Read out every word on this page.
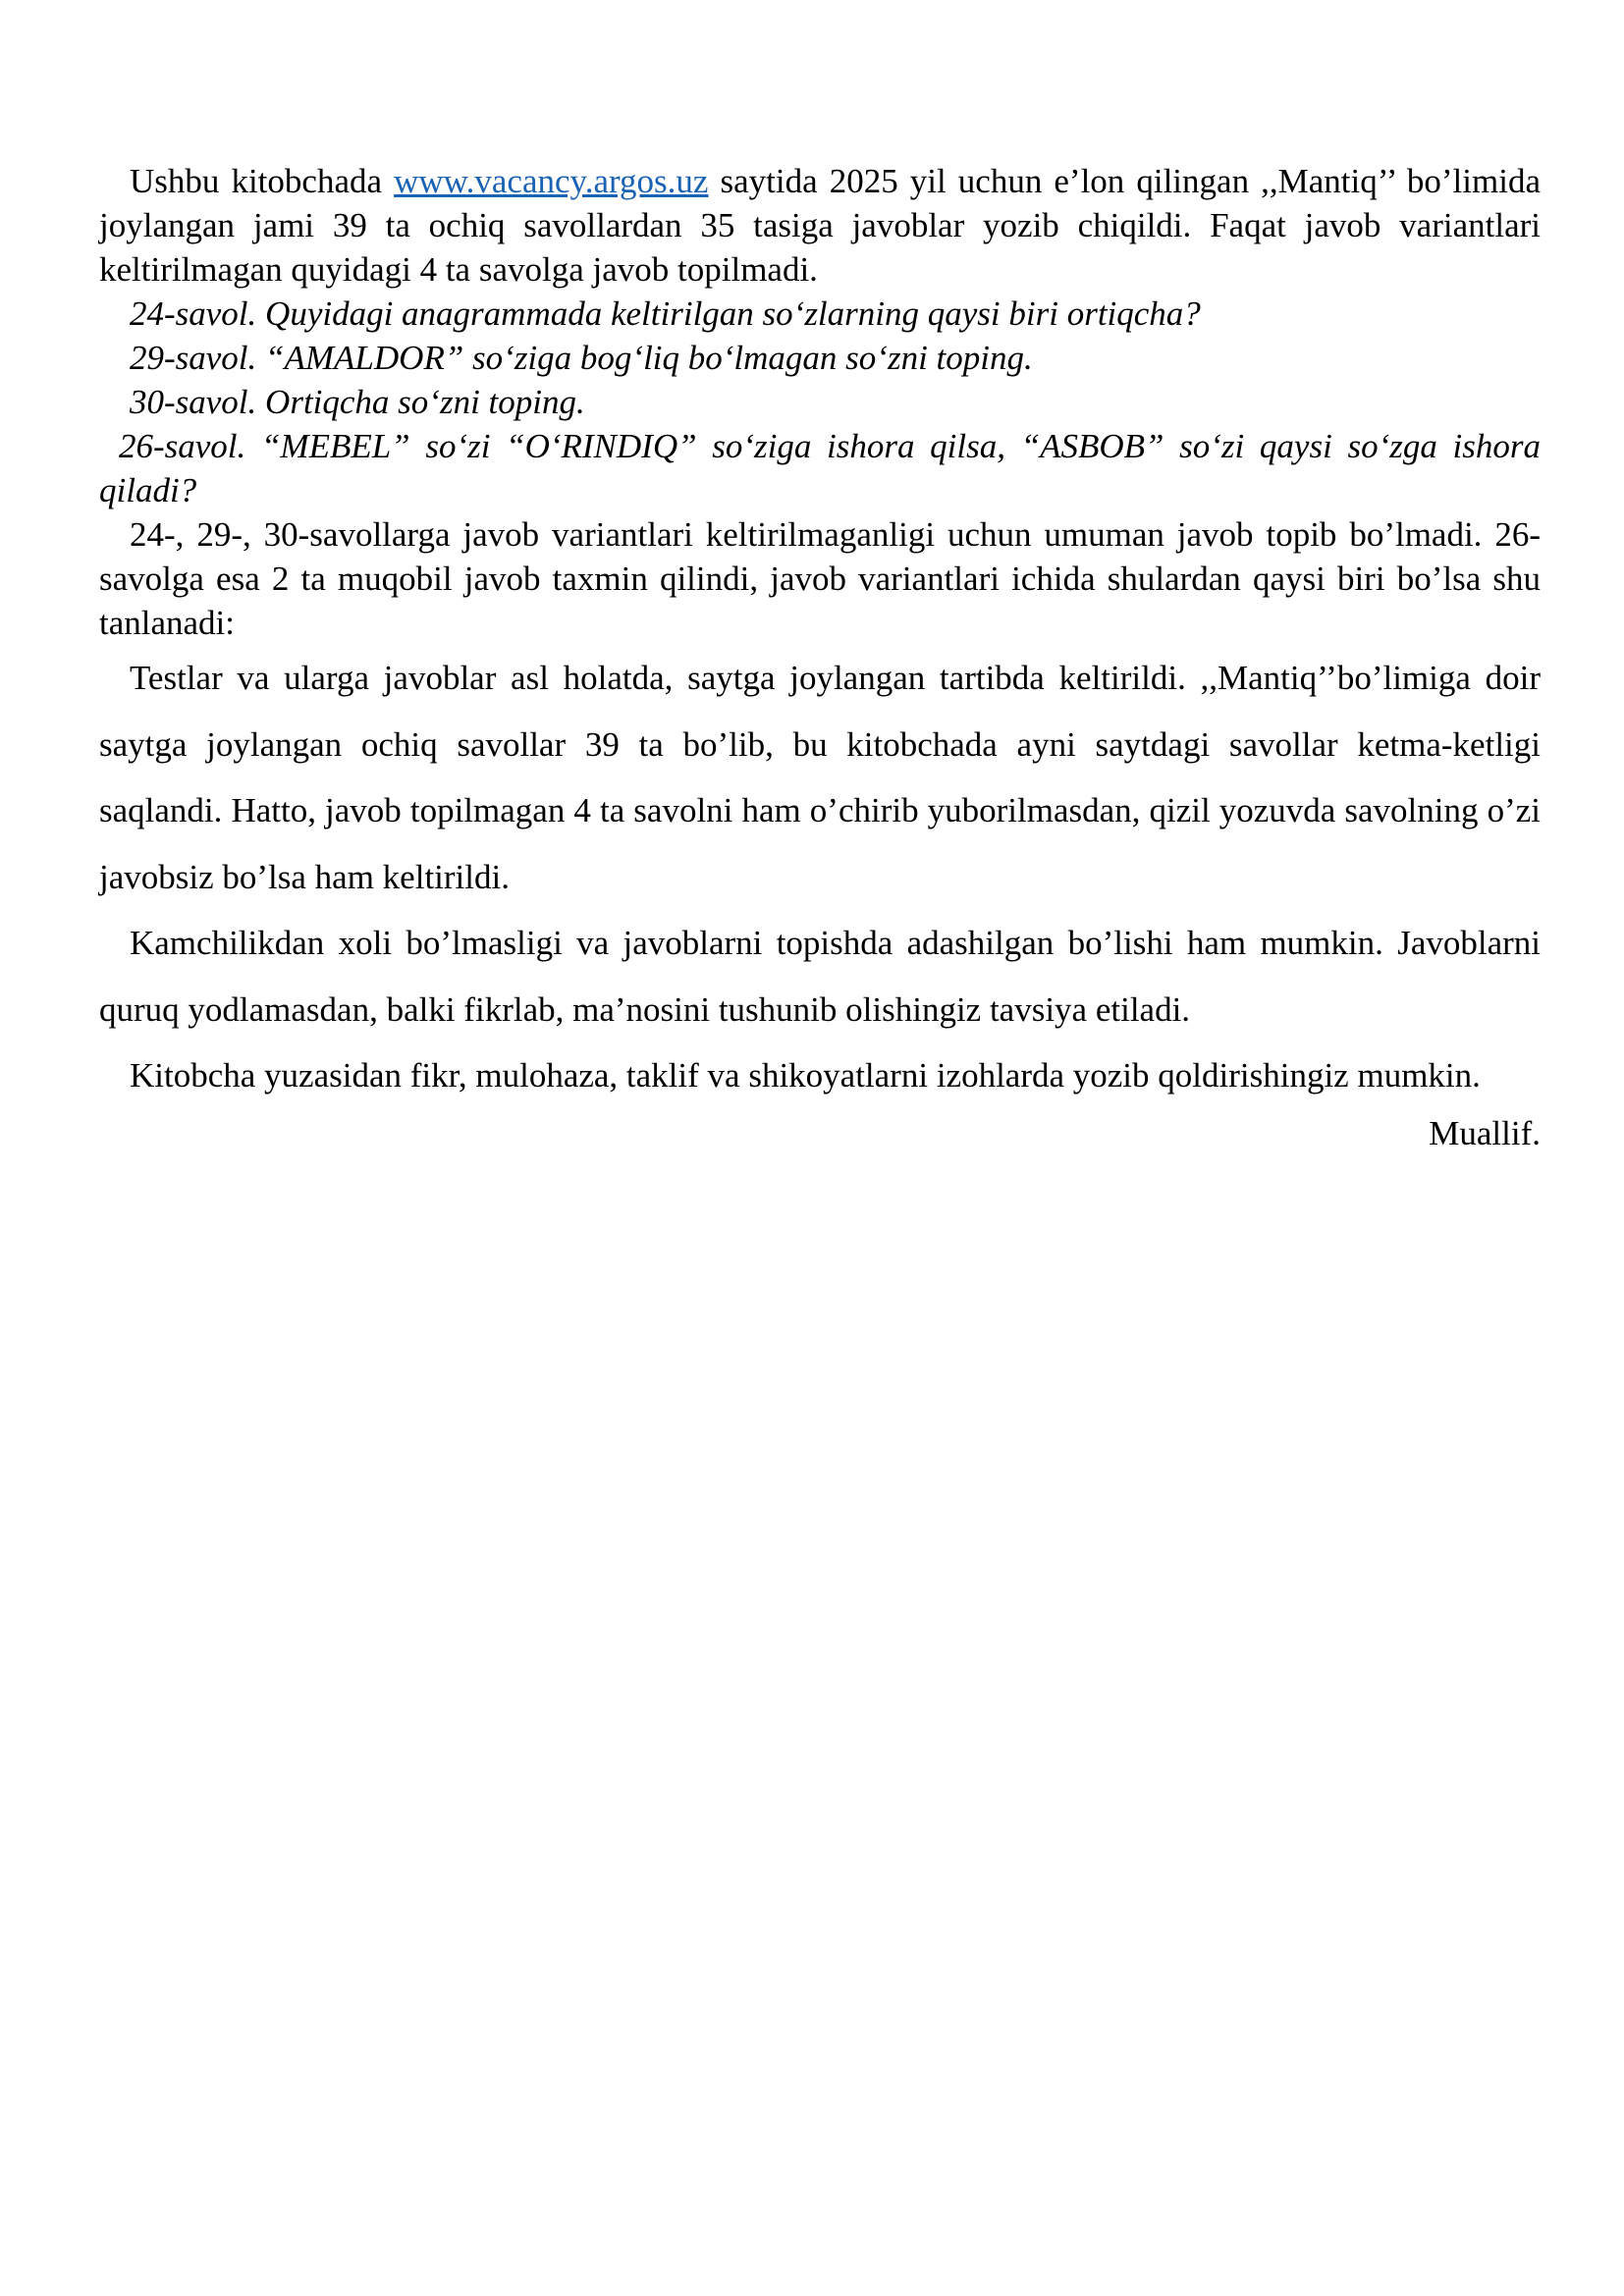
Ushbu kitobchada www.vacancy.argos.uz saytida 2025 yil uchun e’lon qilingan ,,Mantiq’’ bo’limida joylangan jami 39 ta ochiq savollardan 35 tasiga javoblar yozib chiqildi. Faqat javob variantlari keltirilmagan quyidagi 4 ta savolga javob topilmadi.

24-savol. Quyidagi anagrammada keltirilgan so‘zlarning qaysi biri ortiqcha?

29-savol. “AMALDOR” so‘ziga bog‘liq bo‘lmagan so‘zni toping.

30-savol. Ortiqcha so‘zni toping.

26-savol. “MEBEL” so‘zi “O‘RINDIQ” so‘ziga ishora qilsa, “ASBOB” so‘zi qaysi so‘zga ishora qiladi?

24-, 29-, 30-savollarga javob variantlari keltirilmaganligi uchun umuman javob topib bo’lmadi. 26-savolga esa 2 ta muqobil javob taxmin qilindi, javob variantlari ichida shulardan qaysi biri bo’lsa shu tanlanadi:

Testlar va ularga javoblar asl holatda, saytga joylangan tartibda keltirildi. ,,Mantiq’’bo’limiga doir saytga joylangan ochiq savollar 39 ta bo’lib, bu kitobchada ayni saytdagi savollar ketma-ketligi saqlandi. Hatto, javob topilmagan 4 ta savolni ham o’chirib yuborilmasdan, qizil yozuvda savolning o’zi javobsiz bo’lsa ham keltirildi.

Kamchilikdan xoli bo’lmasligi va javoblarni topishda adashilgan bo’lishi ham mumkin. Javoblarni quruq yodlamasdan, balki fikrlab, ma’nosini tushunib olishingiz tavsiya etiladi.

Kitobcha yuzasidan fikr, mulohaza, taklif va shikoyatlarni izohlarda yozib qoldirishingiz mumkin.

Muallif.
